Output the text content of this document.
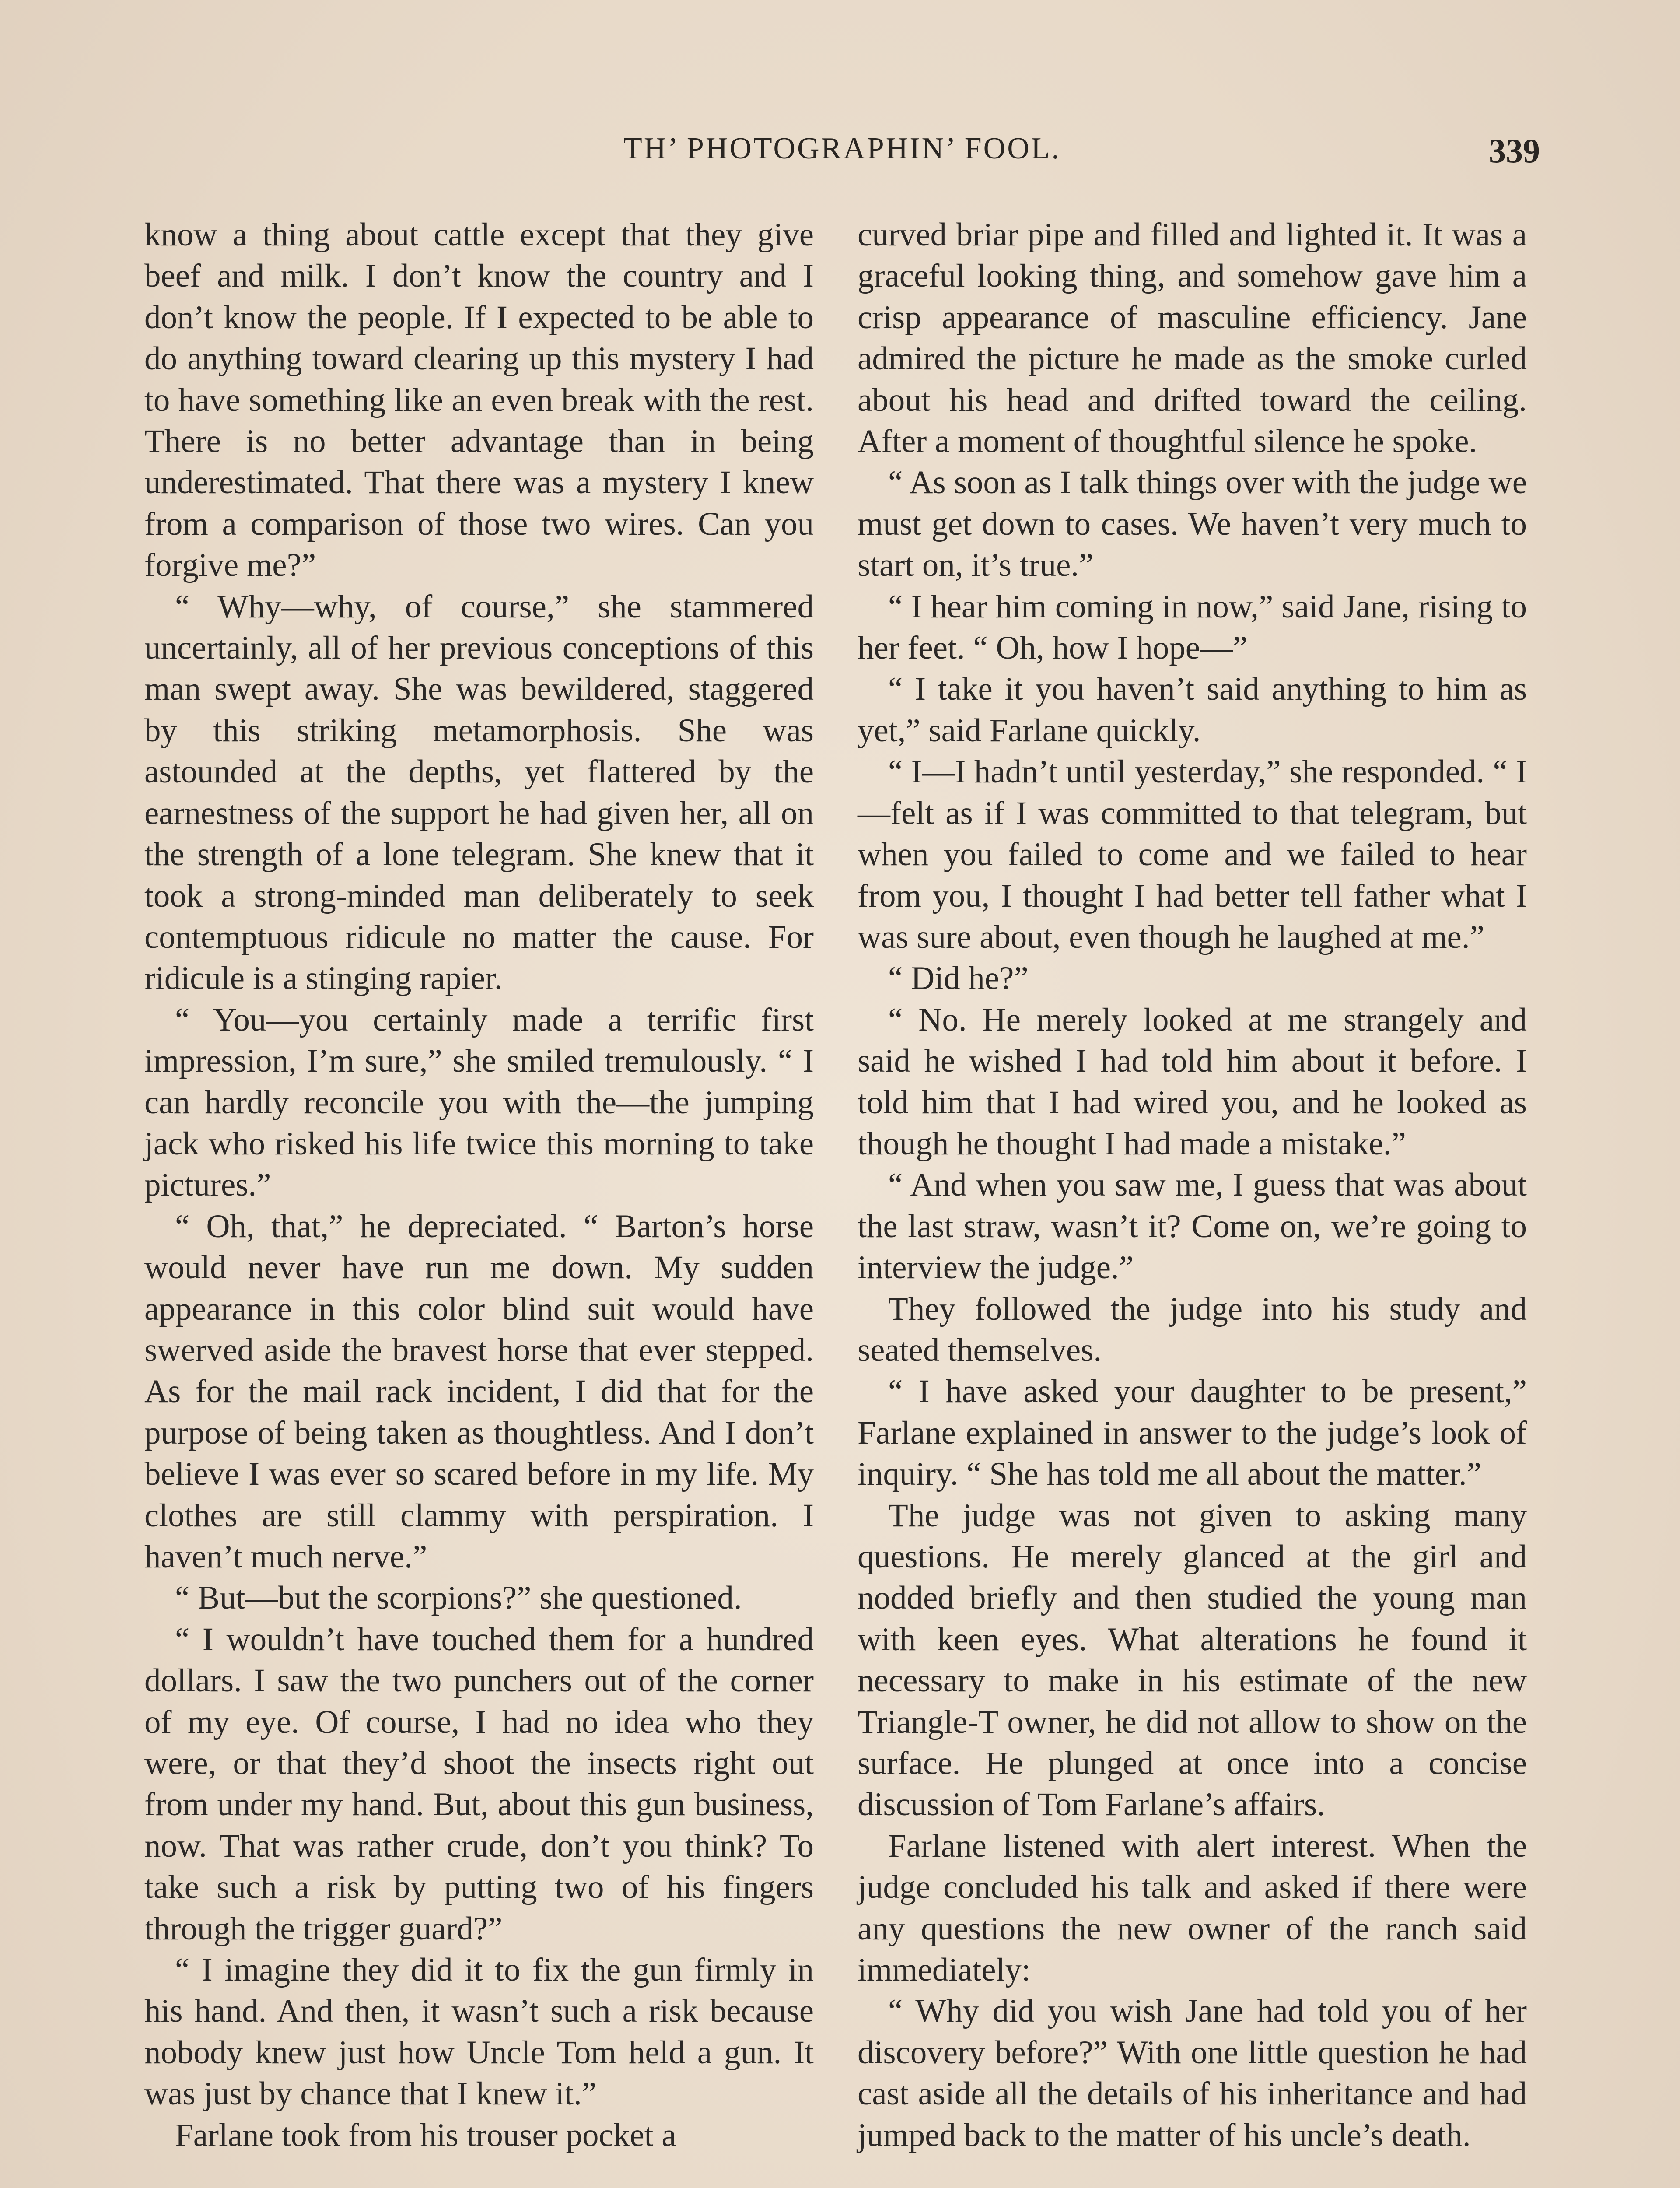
TH’ PHOTOGRAPHIN’ FOOL.	339

know a thing about cattle except that they give beef and milk. I don’t know the country and I don’t know the people. If I expected to be able to do anything toward clearing up this mystery I had to have something like an even break with the rest. There is no better advantage than in being underestimated. That there was a mystery I knew from a comparison of those two wires. Can you forgive me?”

“ Why—why, of course,” she stammered uncertainly, all of her previous conceptions of this man swept away. She was bewildered, staggered by this striking metamorphosis. She was astounded at the depths, yet flattered by the earnestness of the support he had given her, all on the strength of a lone telegram. She knew that it took a strong-minded man deliberately to seek contemptuous ridicule no matter the cause. For ridicule is a stinging rapier.

“ You—you certainly made a terrific first impression, I’m sure,” she smiled tremulously. “ I can hardly reconcile you with the—the jumping jack who risked his life twice this morning to take pictures.”

“ Oh, that,” he depreciated. “ Barton’s horse would never have run me down. My sudden appearance in this color blind suit would have swerved aside the bravest horse that ever stepped. As for the mail rack incident, I did that for the purpose of being taken as thoughtless. And I don’t believe I was ever so scared before in my life. My clothes are still clammy with perspiration. I haven’t much nerve.”

“ But—but the scorpions?” she questioned.

“ I wouldn’t have touched them for a hundred dollars. I saw the two punchers out of the corner of my eye. Of course, I had no idea who they were, or that they’d shoot the insects right out from under my hand. But, about this gun business, now. That was rather crude, don’t you think? To take such a risk by putting two of his fingers through the trigger guard?”

“ I imagine they did it to fix the gun firmly in his hand. And then, it wasn’t such a risk because nobody knew just how Uncle Tom held a gun. It was just by chance that I knew it.”

Farlane took from his trouser pocket a

curved briar pipe and filled and lighted it. It was a graceful looking thing, and somehow gave him a crisp appearance of masculine efficiency. Jane admired the picture he made as the smoke curled about his head and drifted toward the ceiling. After a moment of thoughtful silence he spoke.

“ As soon as I talk things over with the judge we must get down to cases. We haven’t very much to start on, it’s true.”

“ I hear him coming in now,” said Jane, rising to her feet. “ Oh, how I hope—”

“ I take it you haven’t said anything to him as yet,” said Farlane quickly.

“ I—I hadn’t until yesterday,” she responded. “ I—felt as if I was committed to that telegram, but when you failed to come and we failed to hear from you, I thought I had better tell father what I was sure about, even though he laughed at me.”

“ Did he?”

“ No. He merely looked at me strangely and said he wished I had told him about it before. I told him that I had wired you, and he looked as though he thought I had made a mistake.”

“ And when you saw me, I guess that was about the last straw, wasn’t it? Come on, we’re going to interview the judge.”

They followed the judge into his study and seated themselves.

“ I have asked your daughter to be present,” Farlane explained in answer to the judge’s look of inquiry. “ She has told me all about the matter.”

The judge was not given to asking many questions. He merely glanced at the girl and nodded briefly and then studied the young man with keen eyes. What alterations he found it necessary to make in his estimate of the new Triangle-T owner, he did not allow to show on the surface. He plunged at once into a concise discussion of Tom Farlane’s affairs.

Farlane listened with alert interest. When the judge concluded his talk and asked if there were any questions the new owner of the ranch said immediately:

“ Why did you wish Jane had told you of her discovery before?” With one little question he had cast aside all the details of his inheritance and had jumped back to the matter of his uncle’s death.
